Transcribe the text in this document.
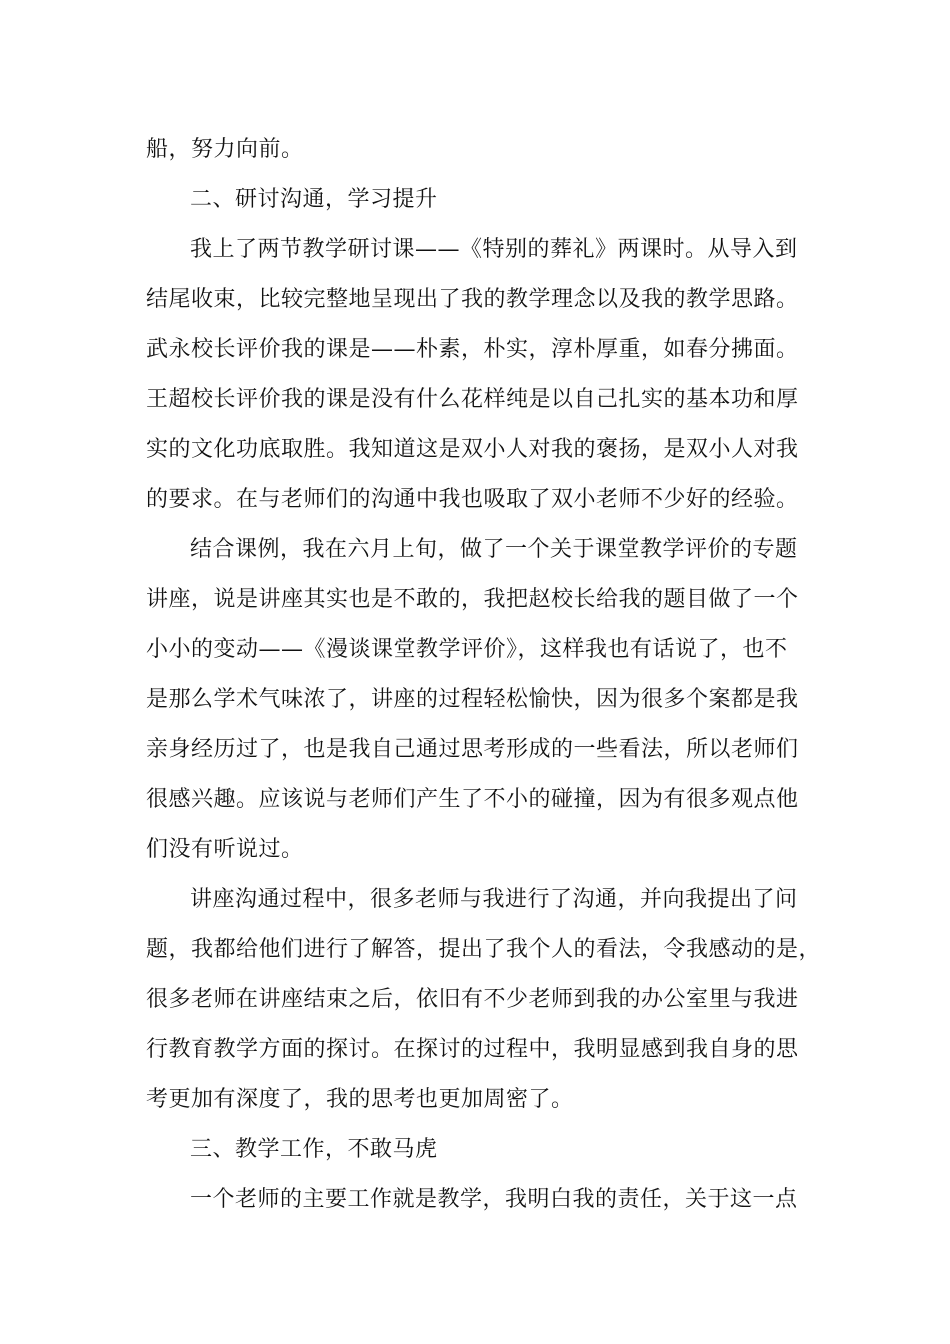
船，努力向前。
二、研讨沟通，学习提升
我上了两节教学研讨课——《特别的葬礼》两课时。从导入到
结尾收束，比较完整地呈现出了我的教学理念以及我的教学思路。
武永校长评价我的课是——朴素，朴实，淳朴厚重，如春分拂面。
王超校长评价我的课是没有什么花样纯是以自己扎实的基本功和厚
实的文化功底取胜。我知道这是双小人对我的褒扬，是双小人对我
的要求。在与老师们的沟通中我也吸取了双小老师不少好的经验。
结合课例，我在六月上旬，做了一个关于课堂教学评价的专题
讲座，说是讲座其实也是不敢的，我把赵校长给我的题目做了一个
小小的变动——《漫谈课堂教学评价》，这样我也有话说了，也不
是那么学术气味浓了，讲座的过程轻松愉快，因为很多个案都是我
亲身经历过了，也是我自己通过思考形成的一些看法，所以老师们
很感兴趣。应该说与老师们产生了不小的碰撞，因为有很多观点他
们没有听说过。
讲座沟通过程中，很多老师与我进行了沟通，并向我提出了问
题，我都给他们进行了解答，提出了我个人的看法，令我感动的是，
很多老师在讲座结束之后，依旧有不少老师到我的办公室里与我进
行教育教学方面的探讨。在探讨的过程中，我明显感到我自身的思
考更加有深度了，我的思考也更加周密了。
三、教学工作，不敢马虎
一个老师的主要工作就是教学，我明白我的责任，关于这一点
